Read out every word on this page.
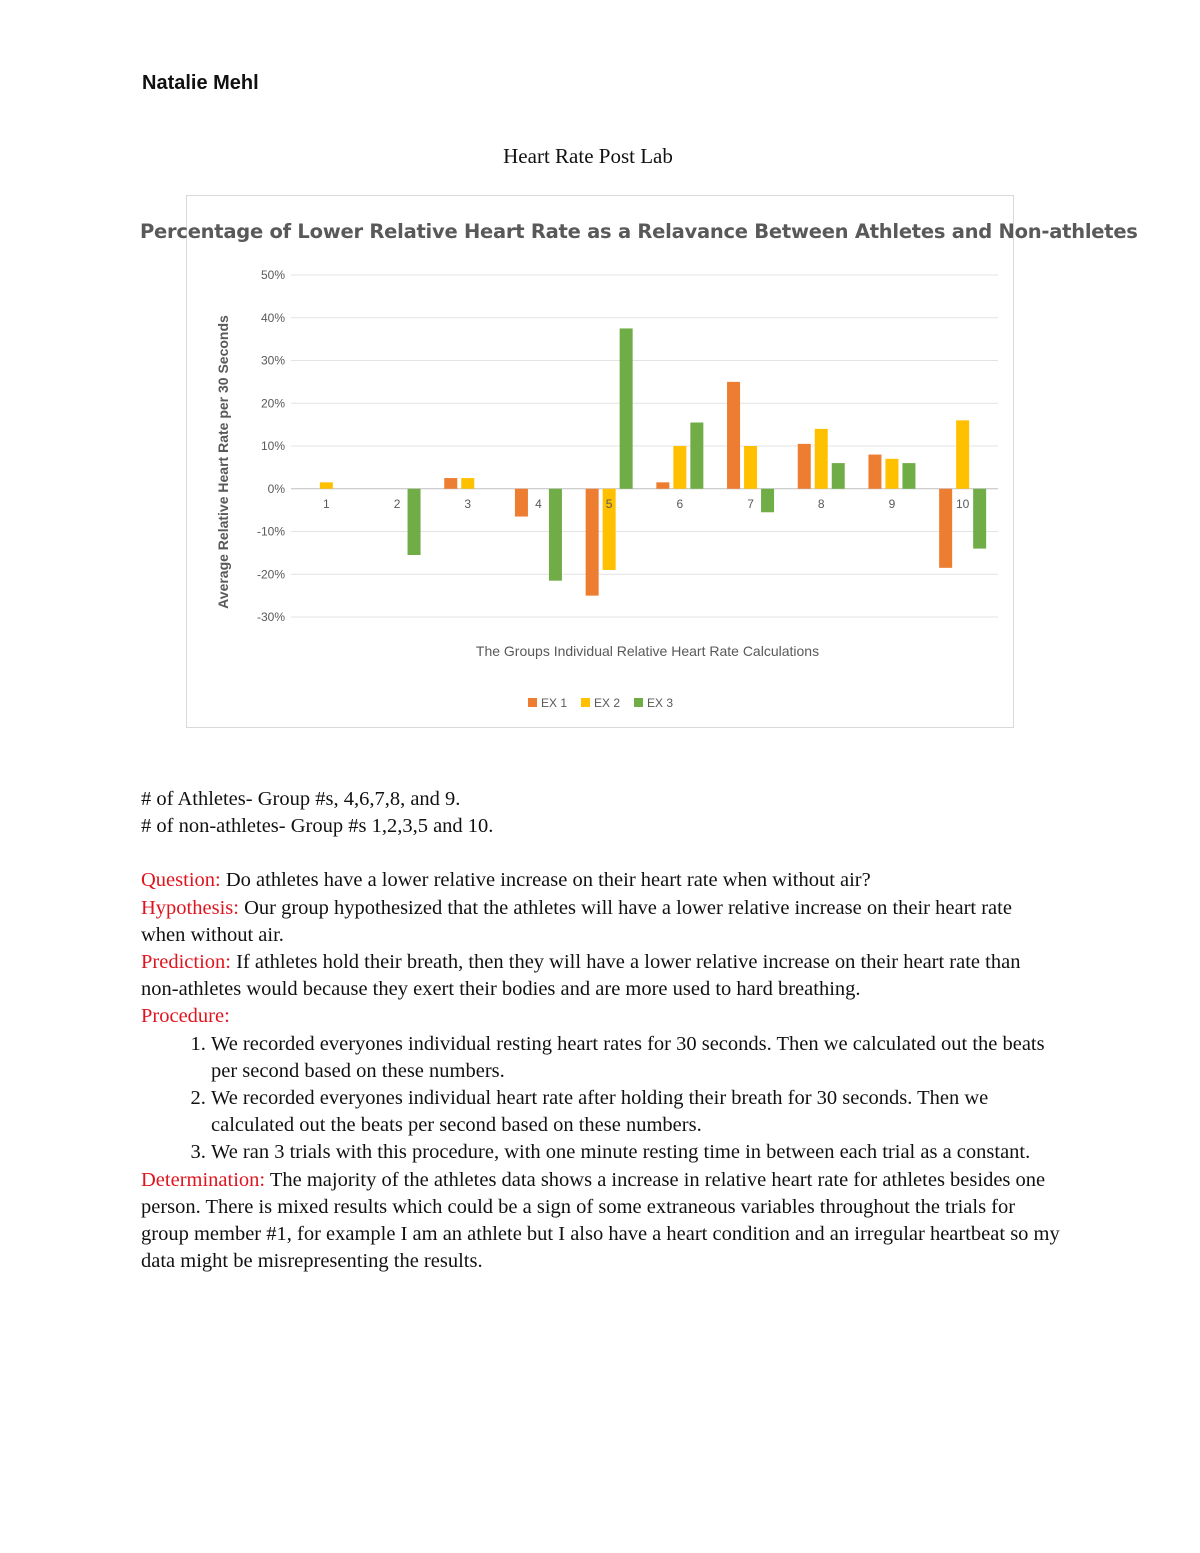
Natalie Mehl
Heart Rate Post Lab
50%
40%
30%
20%
10%
0%
-10%
-20%
-30%
1	2	3	4	5	6	7	8	9	10
The Groups Individual Relative Heart Rate Calculations
Average Relative Heart Rate per 30 Seconds
EX 1 EX 2 EX 3
Percentage of Lower Relative Heart Rate as a Relavance Between Athletes and Non-athletes

# of Athletes- Group #s, 4,6,7,8, and 9.

# of non-athletes- Group #s 1,2,3,5 and 10.

Question: Do athletes have a lower relative increase on their heart rate when without air?

Hypothesis: Our group hypothesized that the athletes will have a lower relative increase on their heart rate when without air.

Prediction: If athletes hold their breath, then they will have a lower relative increase on their heart rate than non-athletes would because they exert their bodies and are more used to hard breathing.

Procedure:

1. We recorded everyones individual resting heart rates for 30 seconds. Then we calculated out the beats per second based on these numbers.
2. We recorded everyones individual heart rate after holding their breath for 30 seconds. Then we calculated out the beats per second based on these numbers.
3. We ran 3 trials with this procedure, with one minute resting time in between each trial as a constant.

Determination: The majority of the athletes data shows a increase in relative heart rate for athletes besides one person. There is mixed results which could be a sign of some extraneous variables throughout the trials for group member #1, for example I am an athlete but I also have a heart condition and an irregular heartbeat so my data might be misrepresenting the results.
